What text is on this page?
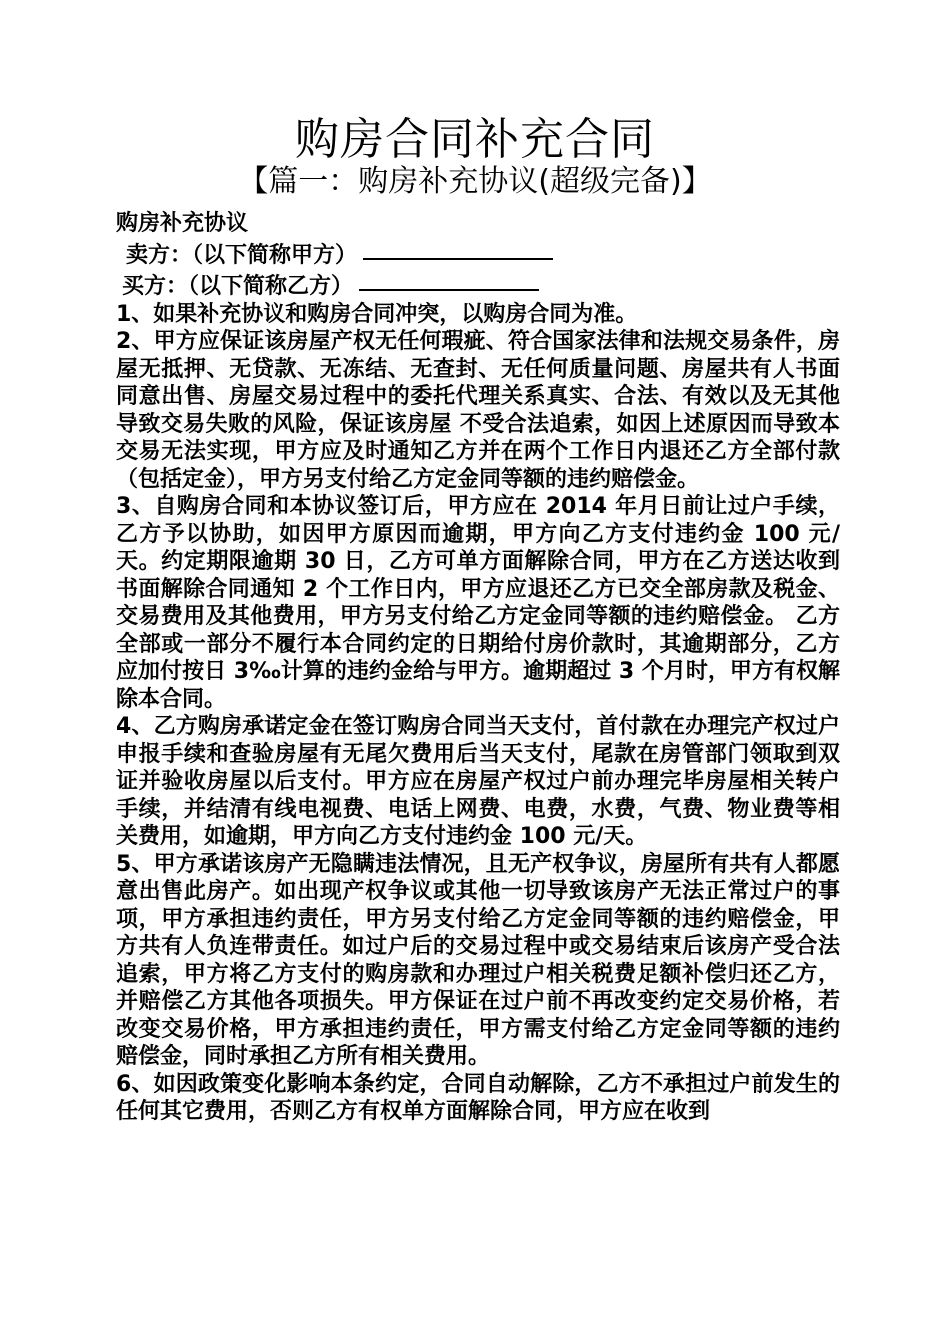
购房合同补充合同
【篇一：购房补充协议(超级完备)】

购房补充协议

卖方：（以下简称甲方）

买方：（以下简称乙方）

1、如果补充协议和购房合同冲突，以购房合同为准。

2、甲方应保证该房屋产权无任何瑕疵、符合国家法律和法规交易条件，房屋无抵押、无贷款、无冻结、无查封、无任何质量问题、房屋共有人书面同意出售、房屋交易过程中的委托代理关系真实、合法、有效以及无其他导致交易失败的风险，保证该房屋 不受合法追索，如因上述原因而导致本交易无法实现，甲方应及时通知乙方并在两个工作日内退还乙方全部付款（包括定金），甲方另支付给乙方定金同等额的违约赔偿金。

3、自购房合同和本协议签订后，甲方应在 2014 年月日前让过户手续，乙方予以协助，如因甲方原因而逾期，甲方向乙方支付违约金 100 元/天。约定期限逾期 30 日，乙方可单方面解除合同，甲方在乙方送达收到书面解除合同通知 2 个工作日内，甲方应退还乙方已交全部房款及税金、交易费用及其他费用，甲方另支付给乙方定金同等额的违约赔偿金。 乙方全部或一部分不履行本合同约定的日期给付房价款时，其逾期部分，乙方应加付按日 3‰计算的违约金给与甲方。逾期超过 3 个月时，甲方有权解除本合同。

4、乙方购房承诺定金在签订购房合同当天支付，首付款在办理完产权过户申报手续和查验房屋有无尾欠费用后当天支付，尾款在房管部门领取到双证并验收房屋以后支付。甲方应在房屋产权过户前办理完毕房屋相关转户手续，并结清有线电视费、电话上网费、电费，水费，气费、物业费等相关费用，如逾期，甲方向乙方支付违约金 100 元/天。

5、甲方承诺该房产无隐瞒违法情况，且无产权争议，房屋所有共有人都愿意出售此房产。如出现产权争议或其他一切导致该房产无法正常过户的事项，甲方承担违约责任，甲方另支付给乙方定金同等额的违约赔偿金，甲方共有人负连带责任。如过户后的交易过程中或交易结束后该房产受合法追索，甲方将乙方支付的购房款和办理过户相关税费足额补偿归还乙方，并赔偿乙方其他各项损失。甲方保证在过户前不再改变约定交易价格，若改变交易价格，甲方承担违约责任，甲方需支付给乙方定金同等额的违约赔偿金，同时承担乙方所有相关费用。

6、如因政策变化影响本条约定，合同自动解除，乙方不承担过户前发生的任何其它费用，否则乙方有权单方面解除合同，甲方应在收到
